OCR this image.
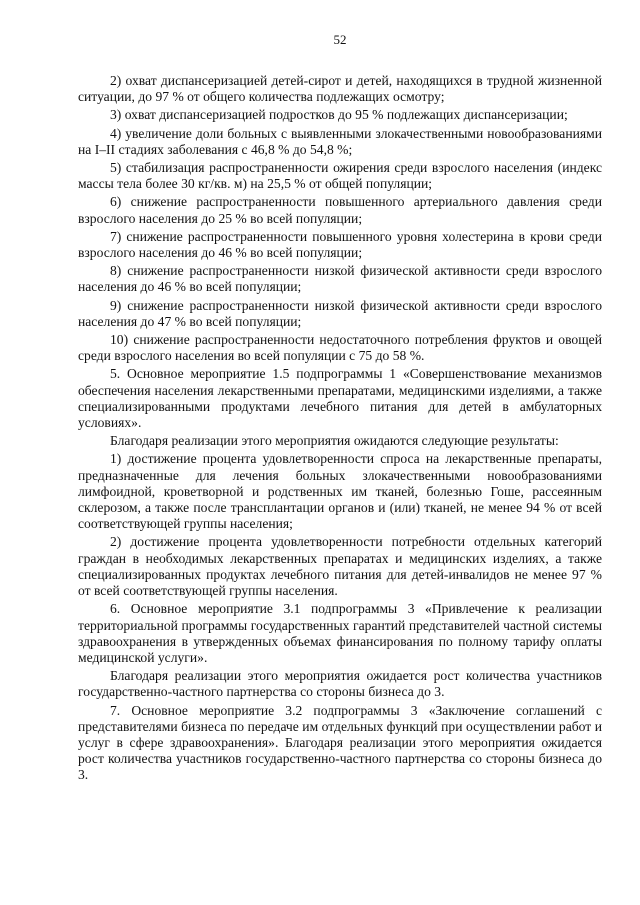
52

2) охват диспансеризацией детей-сирот и детей, находящихся в трудной жизненной ситуации, до 97 % от общего количества подлежащих осмотру;

3) охват диспансеризацией подростков до 95 % подлежащих диспансеризации;

4) увеличение доли больных с выявленными злокачественными новообразованиями на I–II стадиях заболевания с 46,8 % до 54,8 %;

5) стабилизация распространенности ожирения среди взрослого населения (индекс массы тела более 30 кг/кв. м) на 25,5 % от общей популяции;

6) снижение распространенности повышенного артериального давления среди взрослого населения до 25 % во всей популяции;

7) снижение распространенности повышенного уровня холестерина в крови среди взрослого населения до 46 % во всей популяции;

8) снижение распространенности низкой физической активности среди взрослого населения до 46 % во всей популяции;

9) снижение распространенности низкой физической активности среди взрослого населения до 47 % во всей популяции;

10) снижение распространенности недостаточного потребления фруктов и овощей среди взрослого населения во всей популяции с 75 до 58 %.

5. Основное мероприятие 1.5 подпрограммы 1 «Совершенствование механизмов обеспечения населения лекарственными препаратами, медицинскими изделиями, а также специализированными продуктами лечебного питания для детей в амбулаторных условиях».

Благодаря реализации этого мероприятия ожидаются следующие результаты:

1) достижение процента удовлетворенности спроса на лекарственные препараты, предназначенные для лечения больных злокачественными новообразованиями лимфоидной, кроветворной и родственных им тканей, болезнью Гоше, рассеянным склерозом, а также после трансплантации органов и (или) тканей, не менее 94 % от всей соответствующей группы населения;

2) достижение процента удовлетворенности потребности отдельных категорий граждан в необходимых лекарственных препаратах и медицинских изделиях, а также специализированных продуктах лечебного питания для детей-инвалидов не менее 97 % от всей соответствующей группы населения.

6. Основное мероприятие 3.1 подпрограммы 3 «Привлечение к реализации территориальной программы государственных гарантий представителей частной системы здравоохранения в утвержденных объемах финансирования по полному тарифу оплаты медицинской услуги».

Благодаря реализации этого мероприятия ожидается рост количества участников государственно-частного партнерства со стороны бизнеса до 3.

7. Основное мероприятие 3.2 подпрограммы 3 «Заключение соглашений с представителями бизнеса по передаче им отдельных функций при осуществлении работ и услуг в сфере здравоохранения». Благодаря реализации этого мероприятия ожидается рост количества участников государственно-частного партнерства со стороны бизнеса до 3.
